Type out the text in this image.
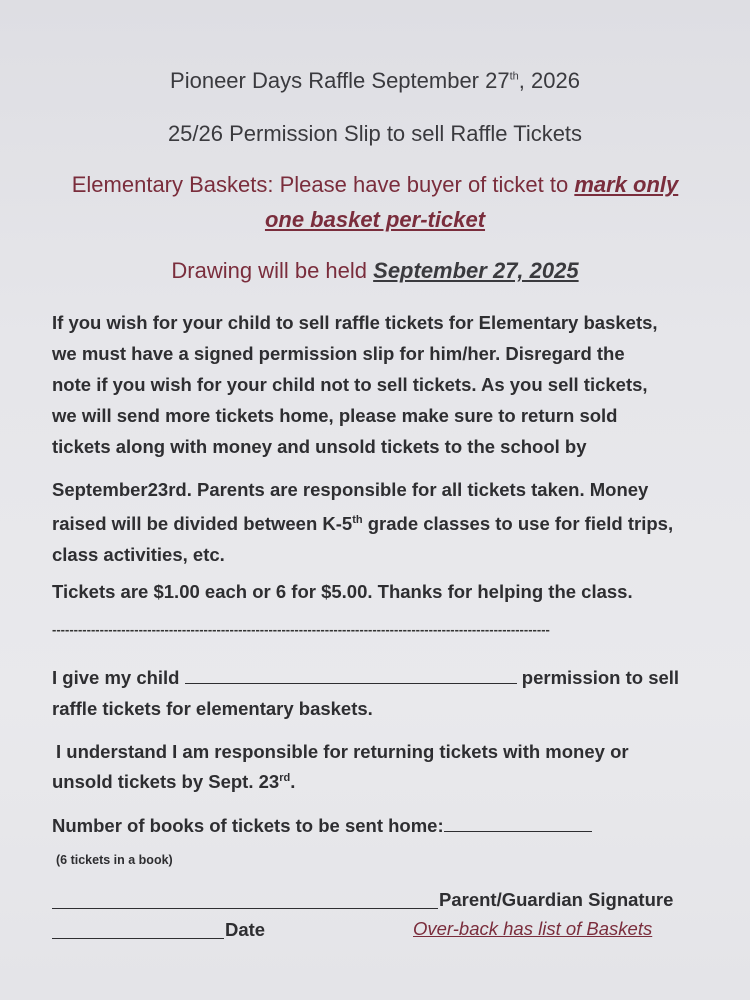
Pioneer Days Raffle September 27th, 2026
25/26 Permission Slip to sell Raffle Tickets
Elementary Baskets: Please have buyer of ticket to mark only
one basket per-ticket
Drawing will be held September 27, 2025
If you wish for your child to sell raffle tickets for Elementary baskets,
we must have a signed permission slip for him/her. Disregard the
note if you wish for your child not to sell tickets. As you sell tickets,
we will send more tickets home, please make sure to return sold
tickets along with money and unsold tickets to the school by
September23rd. Parents are responsible for all tickets taken. Money
raised will be divided between K-5th grade classes to use for field trips,
class activities, etc.
Tickets are $1.00 each or 6 for $5.00. Thanks for helping the class.
-------------------------------------------------------------------------------------------------------------------
I give my child	permission to sell
raffle tickets for elementary baskets.
I understand I am responsible for returning tickets with money or
unsold tickets by Sept. 23rd.
Number of books of tickets to be sent home:
(6 tickets in a book)
Parent/Guardian Signature
Date	Over-back has list of Baskets
